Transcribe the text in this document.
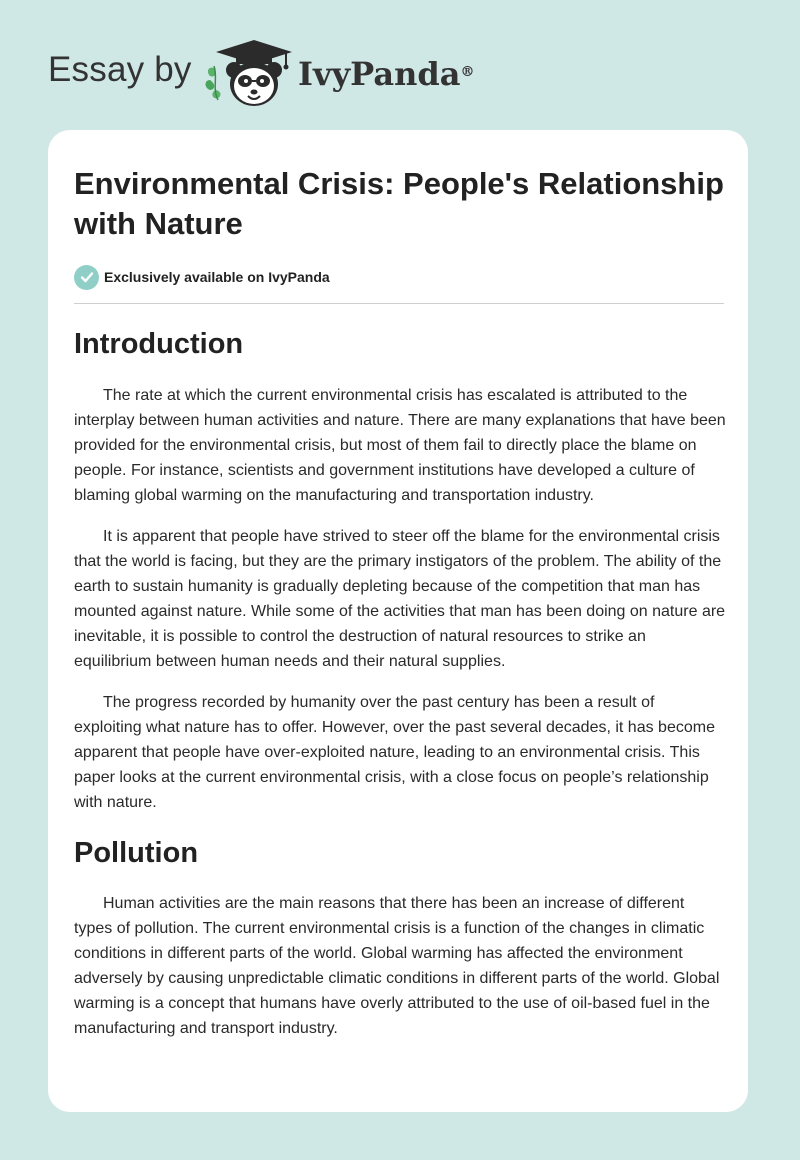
Essay by	IvyPanda®
Environmental Crisis: People's Relationship with Nature
Exclusively available on IvyPanda
Introduction

The rate at which the current environmental crisis has escalated is attributed to the interplay between human activities and nature. There are many explanations that have been provided for the environmental crisis, but most of them fail to directly place the blame on people. For instance, scientists and government institutions have developed a culture of blaming global warming on the manufacturing and transportation industry.

It is apparent that people have strived to steer off the blame for the environmental crisis that the world is facing, but they are the primary instigators of the problem. The ability of the earth to sustain humanity is gradually depleting because of the competition that man has mounted against nature. While some of the activities that man has been doing on nature are inevitable, it is possible to control the destruction of natural resources to strike an equilibrium between human needs and their natural supplies.

The progress recorded by humanity over the past century has been a result of exploiting what nature has to offer. However, over the past several decades, it has become apparent that people have over-exploited nature, leading to an environmental crisis. This paper looks at the current environmental crisis, with a close focus on people’s relationship with nature.

Pollution

Human activities are the main reasons that there has been an increase of different types of pollution. The current environmental crisis is a function of the changes in climatic conditions in different parts of the world. Global warming has affected the environment adversely by causing unpredictable climatic conditions in different parts of the world. Global warming is a concept that humans have overly attributed to the use of oil-based fuel in the manufacturing and transport industry.
